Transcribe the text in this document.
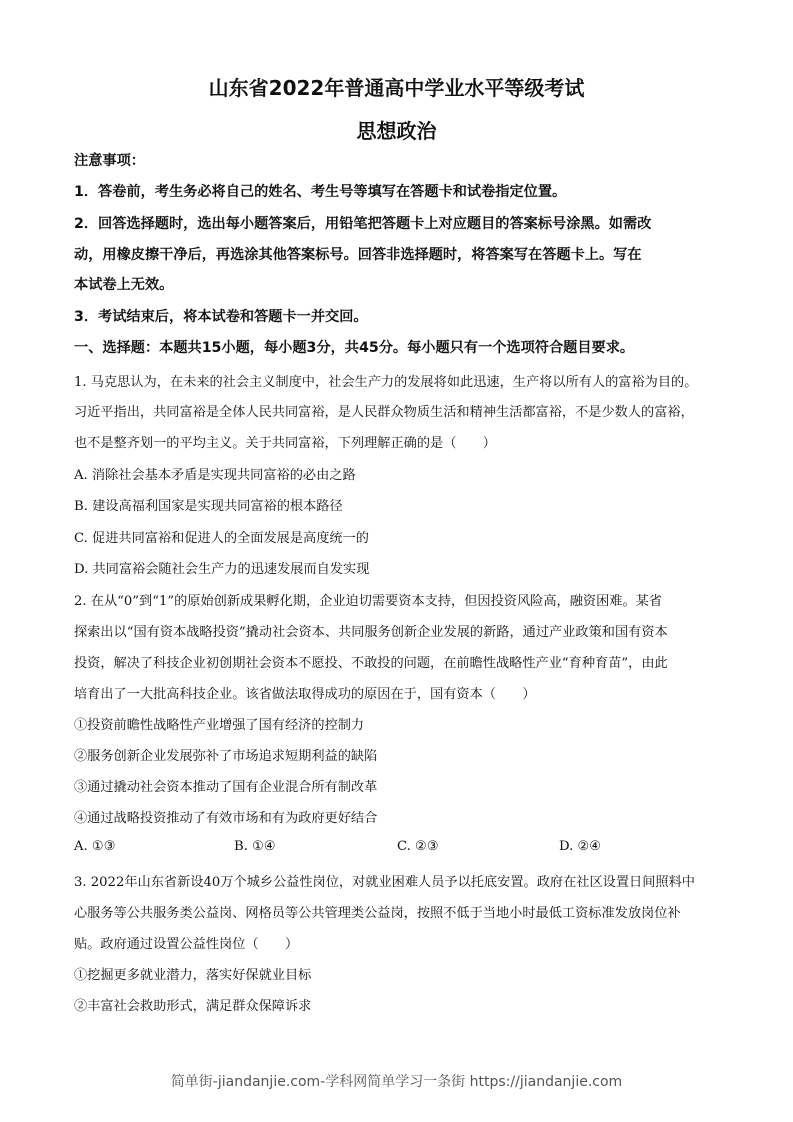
山东省2022年普通高中学业水平等级考试
思想政治
注意事项：
1．答卷前，考生务必将自己的姓名、考生号等填写在答题卡和试卷指定位置。
2．回答选择题时，选出每小题答案后，用铅笔把答题卡上对应题目的答案标号涂黑。如需改
动，用橡皮擦干净后，再选涂其他答案标号。回答非选择题时，将答案写在答题卡上。写在
本试卷上无效。
3．考试结束后，将本试卷和答题卡一并交回。
一、选择题：本题共15小题，每小题3分，共45分。每小题只有一个选项符合题目要求。
1. 马克思认为，在未来的社会主义制度中，社会生产力的发展将如此迅速，生产将以所有人的富裕为目的。
习近平指出，共同富裕是全体人民共同富裕，是人民群众物质生活和精神生活都富裕，不是少数人的富裕，
也不是整齐划一的平均主义。关于共同富裕，下列理解正确的是（　　）
A. 消除社会基本矛盾是实现共同富裕的必由之路
B. 建设高福利国家是实现共同富裕的根本路径
C. 促进共同富裕和促进人的全面发展是高度统一的
D. 共同富裕会随社会生产力的迅速发展而自发实现
2. 在从“0”到“1”的原始创新成果孵化期，企业迫切需要资本支持，但因投资风险高，融资困难。某省
探索出以“国有资本战略投资”撬动社会资本、共同服务创新企业发展的新路，通过产业政策和国有资本
投资，解决了科技企业初创期社会资本不愿投、不敢投的问题，在前瞻性战略性产业“育种育苗”，由此
培育出了一大批高科技企业。该省做法取得成功的原因在于，国有资本（　　）
①投资前瞻性战略性产业增强了国有经济的控制力
②服务创新企业发展弥补了市场追求短期利益的缺陷
③通过撬动社会资本推动了国有企业混合所有制改革
④通过战略投资推动了有效市场和有为政府更好结合
A. ①③	B. ①④	C. ②③	D. ②④
3. 2022年山东省新设40万个城乡公益性岗位，对就业困难人员予以托底安置。政府在社区设置日间照料中
心服务等公共服务类公益岗、网格员等公共管理类公益岗，按照不低于当地小时最低工资标准发放岗位补
贴。政府通过设置公益性岗位（　　）
①挖掘更多就业潜力，落实好保就业目标
②丰富社会救助形式，满足群众保障诉求
简单街-jiandanjie.com-学科网简单学习一条街 https://jiandanjie.com
